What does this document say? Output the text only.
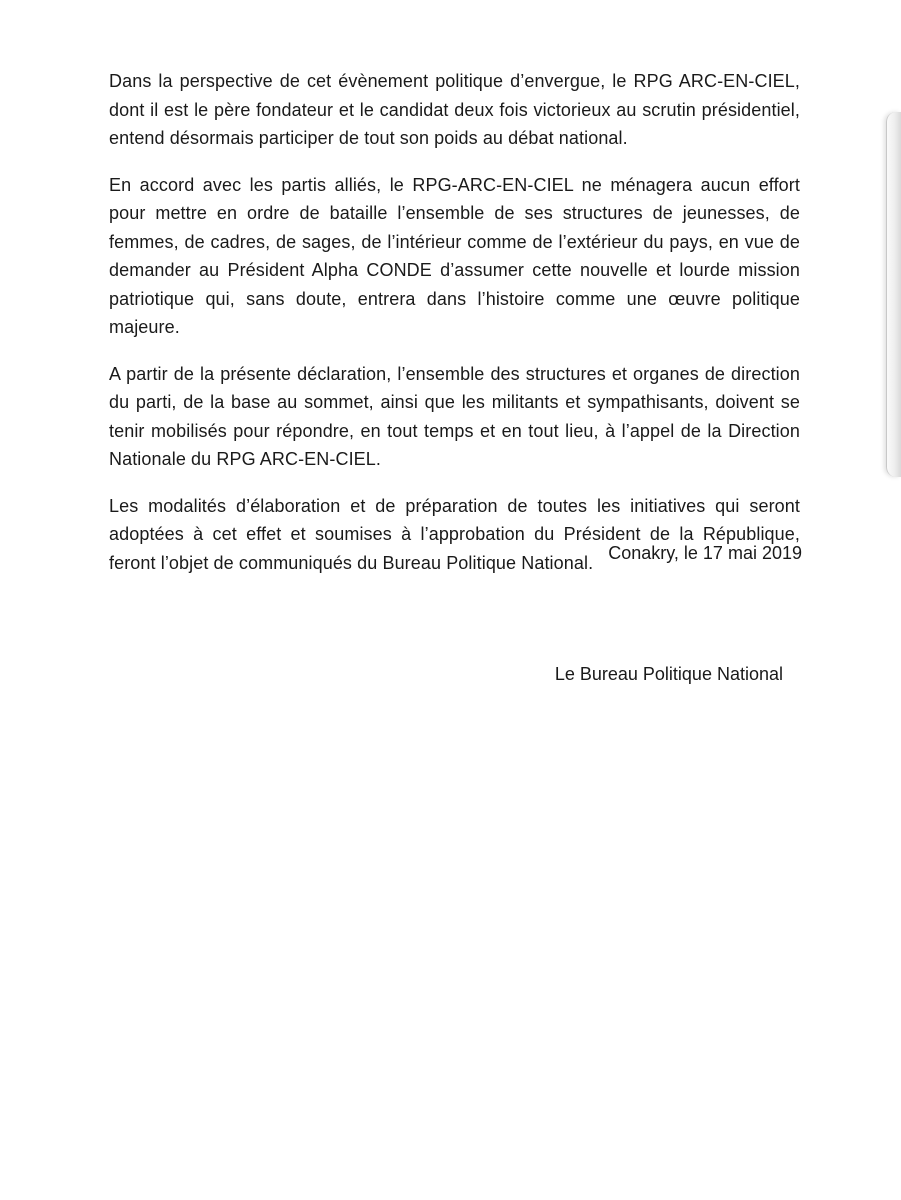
Dans la perspective de cet évènement politique d’envergue, le RPG ARC-EN-CIEL, dont il est le père fondateur et le candidat deux fois victorieux au scrutin présidentiel, entend désormais participer de tout son poids au débat national.

En accord avec les partis alliés, le RPG-ARC-EN-CIEL ne ménagera aucun effort pour mettre en ordre de bataille l’ensemble de ses structures de jeunesses, de femmes, de cadres, de sages, de l’intérieur comme de l’extérieur du pays, en vue de demander au Président Alpha CONDE d’assumer cette nouvelle et lourde mission patriotique qui, sans doute, entrera dans l’histoire comme une œuvre politique majeure.

A partir de la présente déclaration, l’ensemble des structures et organes de direction du parti, de la base au sommet, ainsi que les militants et sympathisants, doivent se tenir mobilisés pour répondre, en tout temps et en tout lieu, à l’appel de la Direction Nationale du RPG ARC-EN-CIEL.

Les modalités d’élaboration et de préparation de toutes les initiatives qui seront adoptées à cet effet et soumises à l’approbation du Président de la République, feront l’objet de communiqués du Bureau Politique National. Conakry, le 17 mai 2019

Le Bureau Politique National
